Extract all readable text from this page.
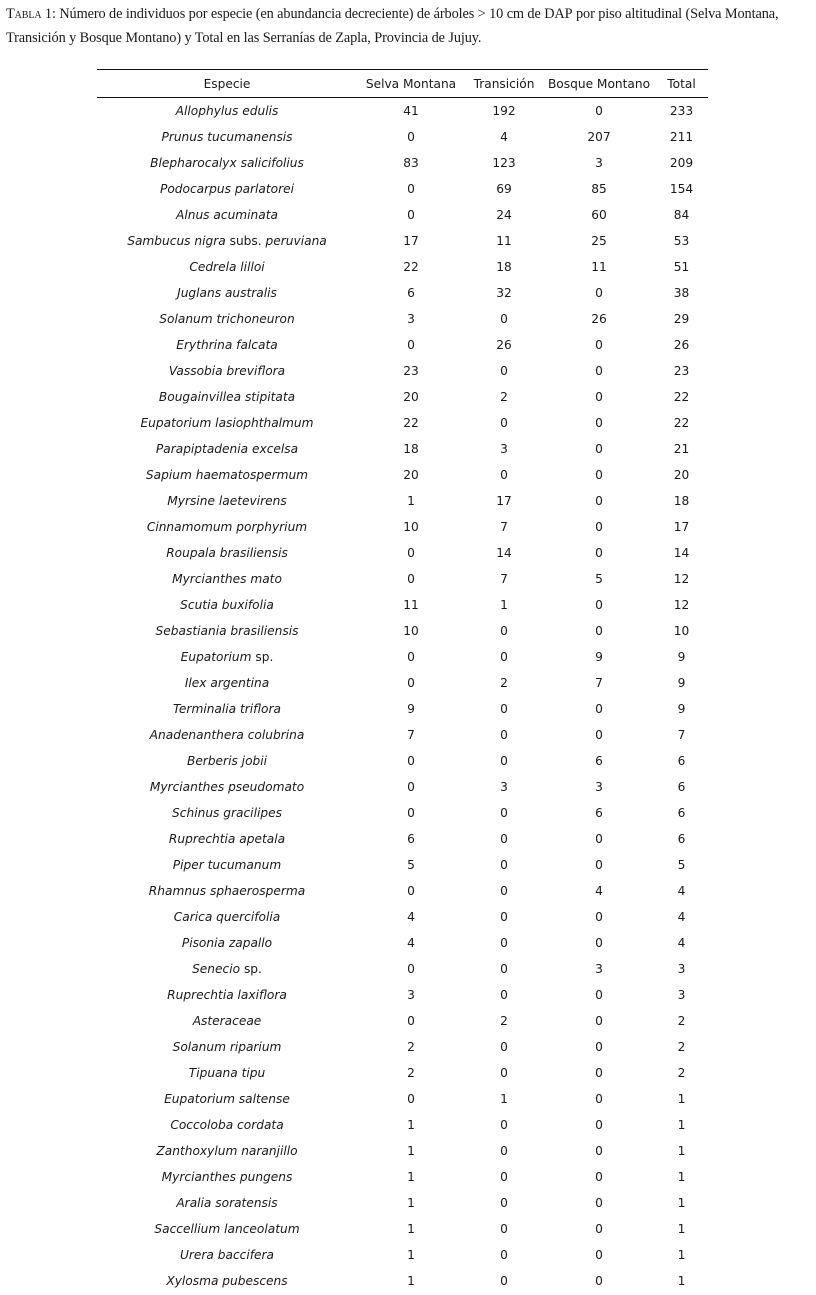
Tabla 1: Número de individuos por especie (en abundancia decreciente) de árboles > 10 cm de DAP por piso altitudinal (Selva Montana, Transición y Bosque Montano) y Total en las Serranías de Zapla, Provincia de Jujuy.
Especie	Selva Montana	Transición	Bosque Montano	Total
Allophylus edulis	41	192	0	233
Prunus tucumanensis	0	4	207	211
Blepharocalyx salicifolius	83	123	3	209
Podocarpus parlatorei	0	69	85	154
Alnus acuminata	0	24	60	84
Sambucus nigra subs. peruviana	17	11	25	53
Cedrela lilloi	22	18	11	51
Juglans australis	6	32	0	38
Solanum trichoneuron	3	0	26	29
Erythrina falcata	0	26	0	26
Vassobia breviflora	23	0	0	23
Bougainvillea stipitata	20	2	0	22
Eupatorium lasiophthalmum	22	0	0	22
Parapiptadenia excelsa	18	3	0	21
Sapium haematospermum	20	0	0	20
Myrsine laetevirens	1	17	0	18
Cinnamomum porphyrium	10	7	0	17
Roupala brasiliensis	0	14	0	14
Myrcianthes mato	0	7	5	12
Scutia buxifolia	11	1	0	12
Sebastiania brasiliensis	10	0	0	10
Eupatorium sp.	0	0	9	9
Ilex argentina	0	2	7	9
Terminalia triflora	9	0	0	9
Anadenanthera colubrina	7	0	0	7
Berberis jobii	0	0	6	6
Myrcianthes pseudomato	0	3	3	6
Schinus gracilipes	0	0	6	6
Ruprechtia apetala	6	0	0	6
Piper tucumanum	5	0	0	5
Rhamnus sphaerosperma	0	0	4	4
Carica quercifolia	4	0	0	4
Pisonia zapallo	4	0	0	4
Senecio sp.	0	0	3	3
Ruprechtia laxiflora	3	0	0	3
Asteraceae	0	2	0	2
Solanum riparium	2	0	0	2
Tipuana tipu	2	0	0	2
Eupatorium saltense	0	1	0	1
Coccoloba cordata	1	0	0	1
Zanthoxylum naranjillo	1	0	0	1
Myrcianthes pungens	1	0	0	1
Aralia soratensis	1	0	0	1
Saccellium lanceolatum	1	0	0	1
Urera baccifera	1	0	0	1
Xylosma pubescens	1	0	0	1
